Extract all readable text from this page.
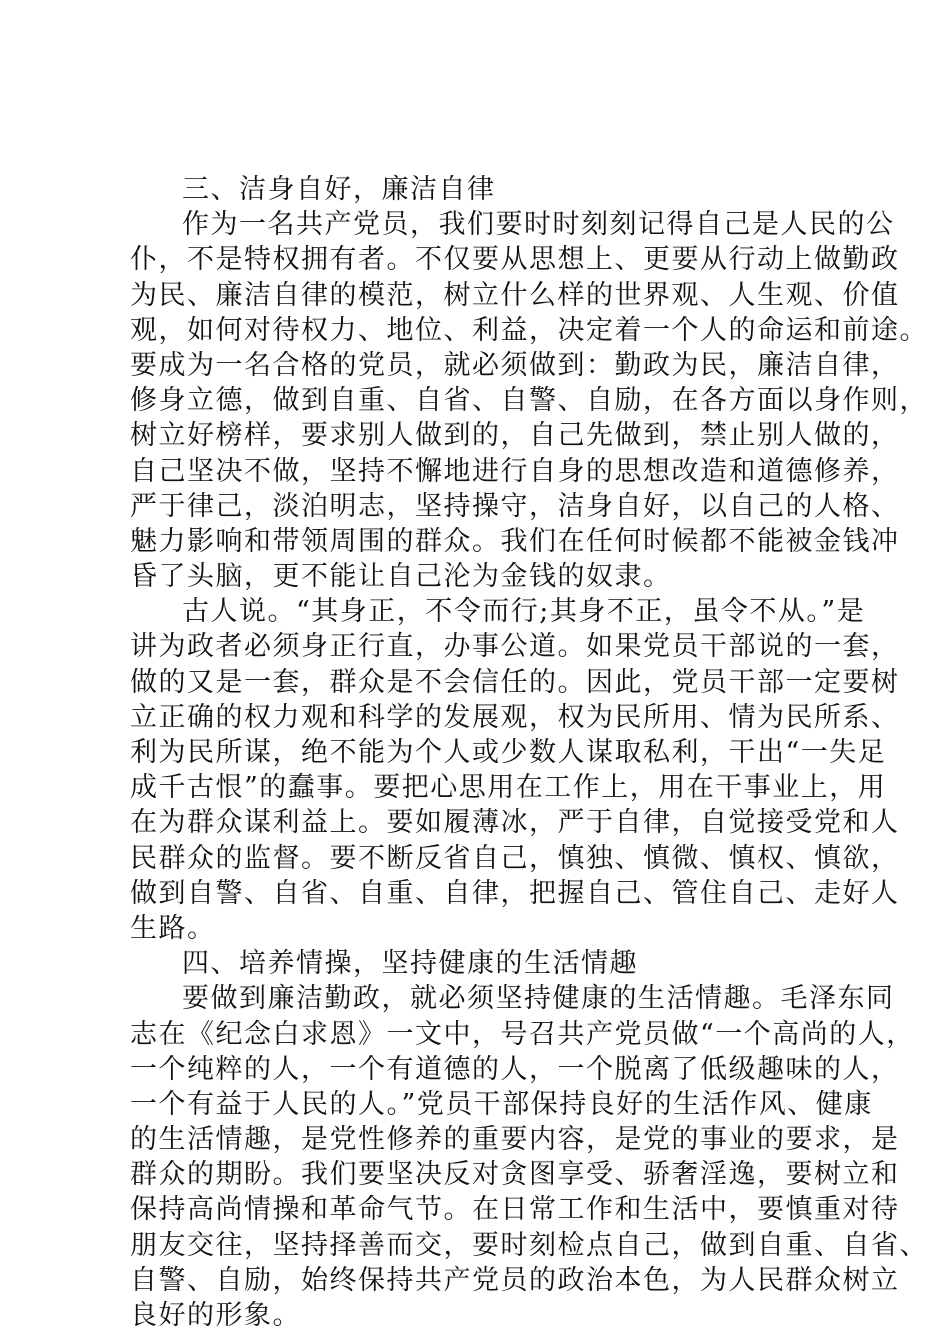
三、洁身自好，廉洁自律
作为一名共产党员，我们要时时刻刻记得自己是人民的公
仆，不是特权拥有者。不仅要从思想上、更要从行动上做勤政
为民、廉洁自律的模范，树立什么样的世界观、人生观、价值
观，如何对待权力、地位、利益，决定着一个人的命运和前途。
要成为一名合格的党员，就必须做到：勤政为民，廉洁自律，
修身立德，做到自重、自省、自警、自励，在各方面以身作则，
树立好榜样，要求别人做到的，自己先做到，禁止别人做的，
自己坚决不做，坚持不懈地进行自身的思想改造和道德修养，
严于律己，淡泊明志，坚持操守，洁身自好，以自己的人格、
魅力影响和带领周围的群众。我们在任何时候都不能被金钱冲
昏了头脑，更不能让自己沦为金钱的奴隶。
古人说。“其身正，不令而行;其身不正，虽令不从。”是
讲为政者必须身正行直，办事公道。如果党员干部说的一套，
做的又是一套，群众是不会信任的。因此，党员干部一定要树
立正确的权力观和科学的发展观，权为民所用、情为民所系、
利为民所谋，绝不能为个人或少数人谋取私利，干出“一失足
成千古恨”的蠢事。要把心思用在工作上，用在干事业上，用
在为群众谋利益上。要如履薄冰，严于自律，自觉接受党和人
民群众的监督。要不断反省自己，慎独、慎微、慎权、慎欲，
做到自警、自省、自重、自律，把握自己、管住自己、走好人
生路。
四、培养情操，坚持健康的生活情趣
要做到廉洁勤政，就必须坚持健康的生活情趣。毛泽东同
志在《纪念白求恩》一文中，号召共产党员做“一个高尚的人，
一个纯粹的人，一个有道德的人，一个脱离了低级趣味的人，
一个有益于人民的人。”党员干部保持良好的生活作风、健康
的生活情趣，是党性修养的重要内容，是党的事业的要求，是
群众的期盼。我们要坚决反对贪图享受、骄奢淫逸，要树立和
保持高尚情操和革命气节。在日常工作和生活中，要慎重对待
朋友交往，坚持择善而交，要时刻检点自己，做到自重、自省、
自警、自励，始终保持共产党员的政治本色，为人民群众树立
良好的形象。
